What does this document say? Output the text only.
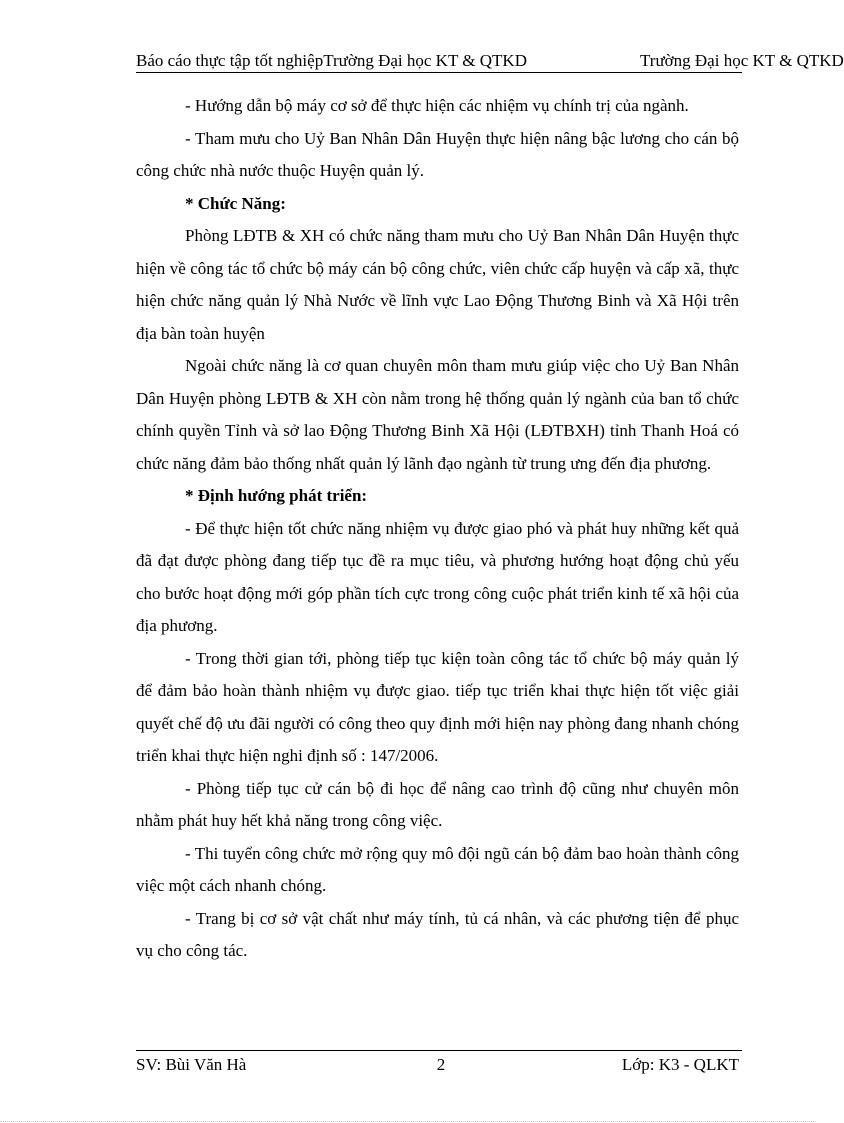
Báo cáo thực tập tốt nghiệpTrường Đại học KT & QTKD	Trường Đại học KT & QTKD

- Hướng dẫn bộ máy cơ sở để thực hiện các nhiệm vụ chính trị của ngành.

- Tham mưu cho Uỷ Ban Nhân Dân Huyện thực hiện nâng bậc lương cho cán bộ công chức nhà nước thuộc Huyện quản lý.

* Chức Năng:

Phòng LĐTB & XH có chức năng tham mưu cho Uỷ Ban Nhân Dân Huyện thực hiện về công tác tổ chức bộ máy cán bộ công chức, viên chức cấp huyện và cấp xã, thực hiện chức năng quản lý Nhà Nước về lĩnh vực Lao Động Thương Binh và Xã Hội trên địa bàn toàn huyện

Ngoài chức năng là cơ quan chuyên môn tham mưu giúp việc cho Uỷ Ban Nhân Dân Huyện phòng LĐTB & XH còn nằm trong hệ thống quản lý ngành của ban tổ chức chính quyền Tỉnh và sở lao Động Thương Binh Xã Hội (LĐTBXH) tỉnh Thanh Hoá có chức năng đảm bảo thống nhất quản lý lãnh đạo ngành từ trung ưng đến địa phương.

* Định hướng phát triển:

- Để thực hiện tốt chức năng nhiệm vụ được giao phó và phát huy những kết quả đã đạt được phòng đang tiếp tục đề ra mục tiêu, và phương hướng hoạt động chủ yếu cho bước hoạt động mới góp phần tích cực trong công cuộc phát triển kinh tế xã hội của địa phương.

- Trong thời gian tới, phòng tiếp tục kiện toàn công tác tổ chức bộ máy quản lý để đảm bảo hoàn thành nhiệm vụ được giao. tiếp tục triển khai thực hiện tốt việc giải quyết chế độ ưu đãi người có công theo quy định mới hiện nay phòng đang nhanh chóng triển khai thực hiện nghi định số : 147/2006.

- Phòng tiếp tục cử cán bộ đi học để nâng cao trình độ cũng như chuyên môn nhằm phát huy hết khả năng trong công việc.

- Thi tuyển công chức mở rộng quy mô đội ngũ cán bộ đảm bao hoàn thành công việc một cách nhanh chóng.

- Trang bị cơ sở vật chất như máy tính, tủ cá nhân, và các phương tiện để phục vụ cho công tác.

SV: Bùi Văn Hà	2	Lớp: K3 - QLKT
